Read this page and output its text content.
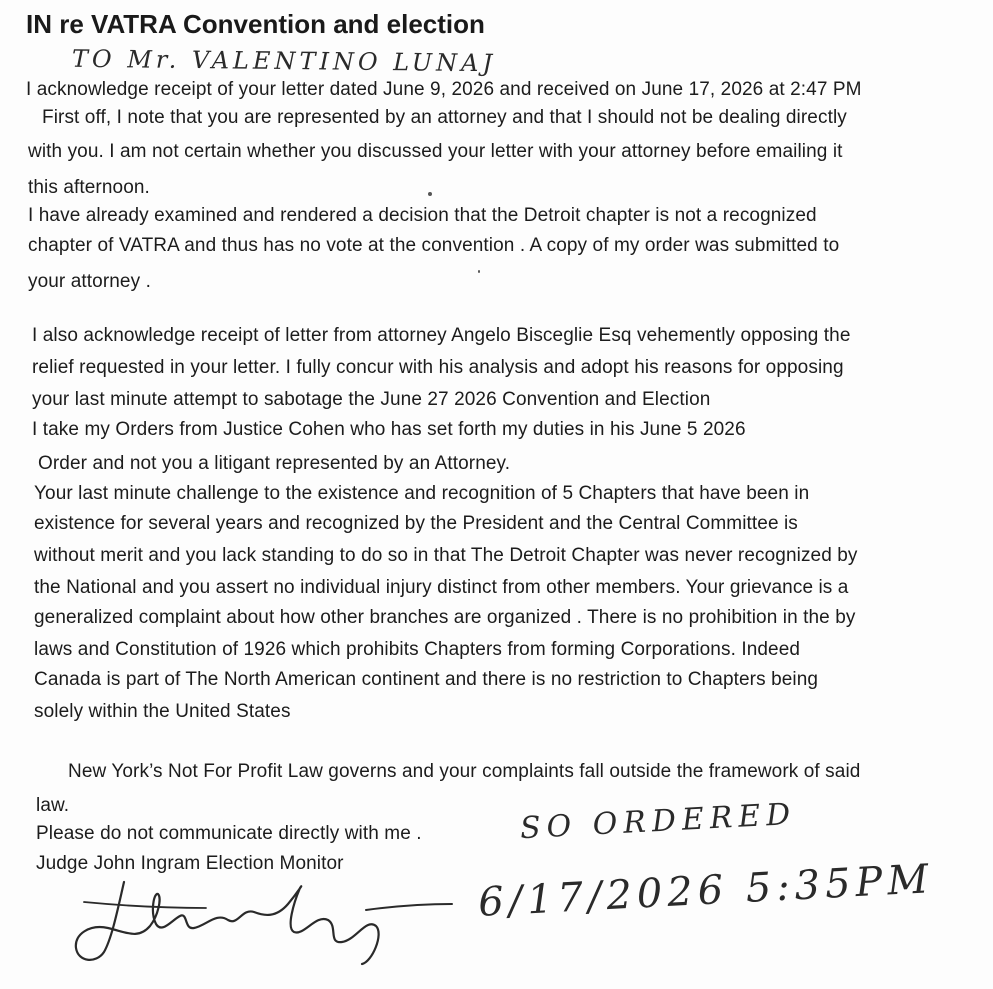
IN re VATRA Convention and election
TO Mr. VALENTINO LUNAJ
I acknowledge receipt of your letter dated June 9, 2026 and received on June 17, 2026 at 2:47 PM
First off, I note that you are represented by an attorney and that I should not be dealing directly
with you. I am not certain whether you discussed your letter with your attorney before emailing it
this afternoon.
I have already examined and rendered a decision that the Detroit chapter is not a recognized
chapter of VATRA and thus has no vote at the convention . A copy of my order was submitted to
your attorney .
I also acknowledge receipt of letter from attorney Angelo Bisceglie Esq vehemently opposing the
relief requested in your letter. I fully concur with his analysis and adopt his reasons for opposing
your last minute attempt to sabotage the June 27 2026 Convention and Election
I take my Orders from Justice Cohen who has set forth my duties in his June 5 2026
Order and not you a litigant represented by an Attorney.
Your last minute challenge to the existence and recognition of 5 Chapters that have been in
existence for several years and recognized by the President and the Central Committee is
without merit and you lack standing to do so in that The Detroit Chapter was never recognized by
the National and you assert no individual injury distinct from other members. Your grievance is a
generalized complaint about how other branches are organized . There is no prohibition in the by
laws and Constitution of 1926 which prohibits Chapters from forming Corporations. Indeed
Canada is part of The North American continent and there is no restriction to Chapters being
solely within the United States
New York’s Not For Profit Law governs and your complaints fall outside the framework of said
law.
Please do not communicate directly with me .
Judge John Ingram Election Monitor
SO ORDERED
6/17/2026 5:35PM
